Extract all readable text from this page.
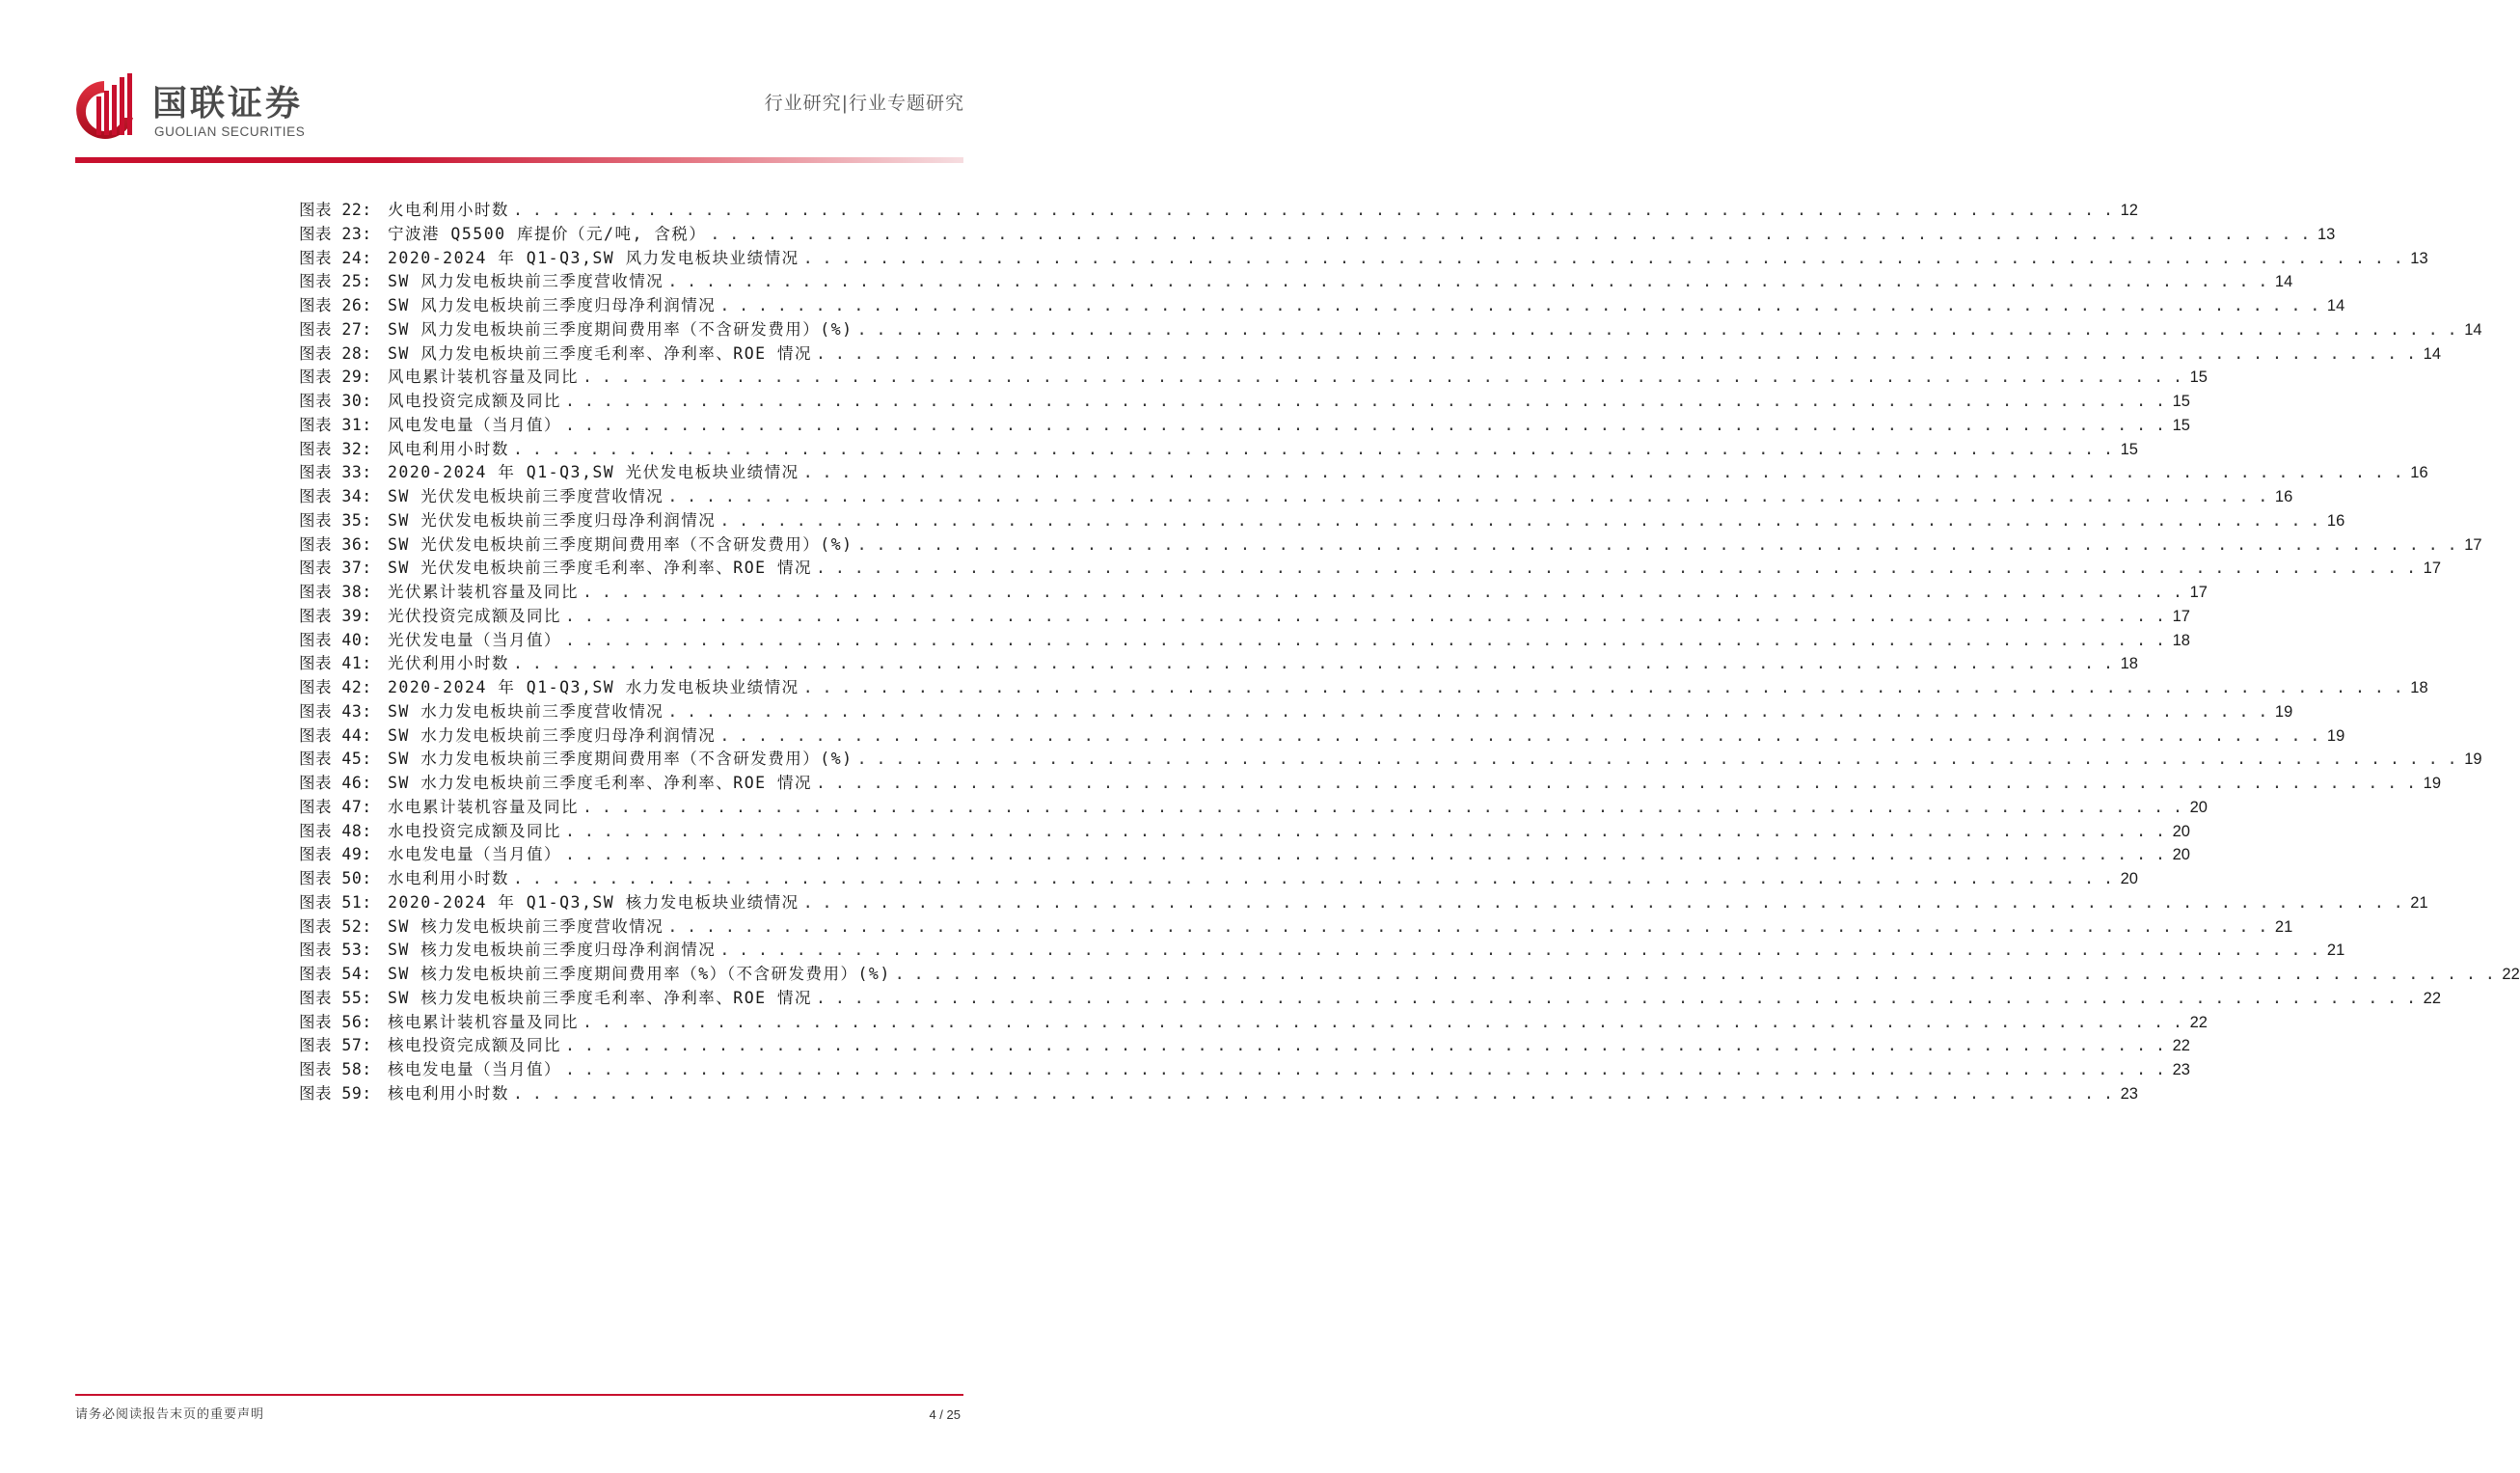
国联证券
GUOLIAN SECURITIES
行业研究|行业专题研究
图表 22: 火电利用小时数 . . .	12
图表 23: 宁波港 Q5500 库提价（元/吨, 含税） . . .	13
图表 24: 2020-2024 年 Q1-Q3,SW 风力发电板块业绩情况 . . .	13
图表 25: SW 风力发电板块前三季度营收情况 . . .	14
图表 26: SW 风力发电板块前三季度归母净利润情况 . . .	14
图表 27: SW 风力发电板块前三季度期间费用率（不含研发费用）(%) . . .	14
图表 28: SW 风力发电板块前三季度毛利率、净利率、ROE 情况 . . .	14
图表 29: 风电累计装机容量及同比 . . .	15
图表 30: 风电投资完成额及同比 . . .	15
图表 31: 风电发电量（当月值） . . .	15
图表 32: 风电利用小时数 . . .	15
图表 33: 2020-2024 年 Q1-Q3,SW 光伏发电板块业绩情况 . . .	16
图表 34: SW 光伏发电板块前三季度营收情况 . . .	16
图表 35: SW 光伏发电板块前三季度归母净利润情况 . . .	16
图表 36: SW 光伏发电板块前三季度期间费用率（不含研发费用）(%) . . .	17
图表 37: SW 光伏发电板块前三季度毛利率、净利率、ROE 情况 . . .	17
图表 38: 光伏累计装机容量及同比 . . .	17
图表 39: 光伏投资完成额及同比 . . .	17
图表 40: 光伏发电量（当月值） . . .	18
图表 41: 光伏利用小时数 . . .	18
图表 42: 2020-2024 年 Q1-Q3,SW 水力发电板块业绩情况 . . .	18
图表 43: SW 水力发电板块前三季度营收情况 . . .	19
图表 44: SW 水力发电板块前三季度归母净利润情况 . . .	19
图表 45: SW 水力发电板块前三季度期间费用率（不含研发费用）(%) . . .	19
图表 46: SW 水力发电板块前三季度毛利率、净利率、ROE 情况 . . .	19
图表 47: 水电累计装机容量及同比 . . .	20
图表 48: 水电投资完成额及同比 . . .	20
图表 49: 水电发电量（当月值） . . .	20
图表 50: 水电利用小时数 . . .	20
图表 51: 2020-2024 年 Q1-Q3,SW 核力发电板块业绩情况 . . .	21
图表 52: SW 核力发电板块前三季度营收情况 . . .	21
图表 53: SW 核力发电板块前三季度归母净利润情况 . . .	21
图表 54: SW 核力发电板块前三季度期间费用率（%）（不含研发费用）(%) . . .	22
图表 55: SW 核力发电板块前三季度毛利率、净利率、ROE 情况 . . .	22
图表 56: 核电累计装机容量及同比 . . .	22
图表 57: 核电投资完成额及同比 . . .	22
图表 58: 核电发电量（当月值） . . .	23
图表 59: 核电利用小时数 . . .	23
请务必阅读报告末页的重要声明	4 / 25
